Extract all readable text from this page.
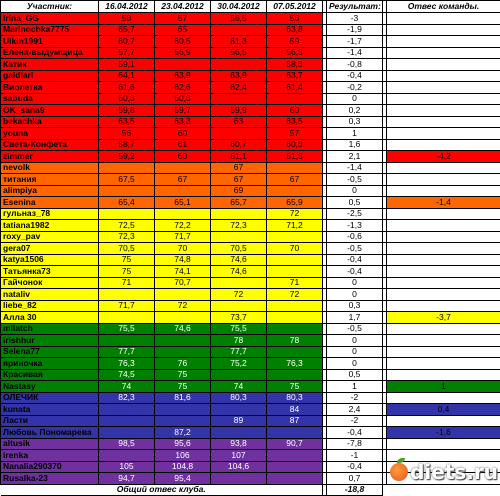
Участник:	16.04.2012	23.04.2012	30.04.2012	07.05.2012		Результат:		Отвес команды.
Irina_GG	58	57	56,5	56		-3		
Marinochka7775	65,7	65		63,8		-1,9		
Ulkin1991	60,7	60,5	61,3	59		-1,7		
Елена-выдумщица	57,7	56,9	56,5	56,3		-1,4		
Катик	59,1			58,3		-0,8		
gaidlari	64,1	63,9	63,9	63,7		-0,4		
Виолетка	61,6	62,6	62,4	61,4		-0,2		
sabuda	60,3	60,3				0		
OK_sana9	59,8	59,7	59,9	60		0,2		
bekachka	63,5	63,3	63	63,5		0,3		
youna	56	60		57		1		
Света-Конфета	58,7	61	60,7	60,3		1,6		
zimmer	59,2	60	61,1	61,3		2,1		-4,2
nevolk			67			-1,4		
титания	67,5	67	67	67		-0,5		
alimpiya			69			0		
Esenina	65,4	65,1	65,7	65,9		0,5		-1,4
гульназ_78				72		-2,5		
tatiana1982	72,5	72,2	72,3	71,2		-1,3		
roxy_pav	72,3	71,7				-0,6		
gera07	70,5	70	70,5	70		-0,5		
katya1506	75	74,8	74,6			-0,4		
Татьянка73	75	74,1	74,6			-0,4		
Гайчонок	71	70,7		71		0		
nataliv			72	72		0		
liebe_82	71,7	72				0,3		
Алла 30			73,7			1,7		-3,7
milatch	75,5	74,6	75,5			-0,5		
irishhur			78	78		0		
Selena77	77,7		77,7			0		
яриночка	76,3	76	75,2	76,3		0		
Красивая	74,5	75				0,5		
Nastasy	74	75	74	75		1		1
ОЛЕЧИК	82,3	81,6	80,3	80,3		-2		
kunata				84		2,4		0,4
Ласти			89	87		-2		
Любовь Пономарева		87,2				-0,4		-1,6
altusik	98,5	95,6	93,8	90,7		-7,8		
irenka		106	107			-1		
Nanalia290370	105	104,8	104,6			-0,4		
Rusalka-23	94,7	95,4				0,7		
Общий отвес клуба.						-18,8		
diets.ru
